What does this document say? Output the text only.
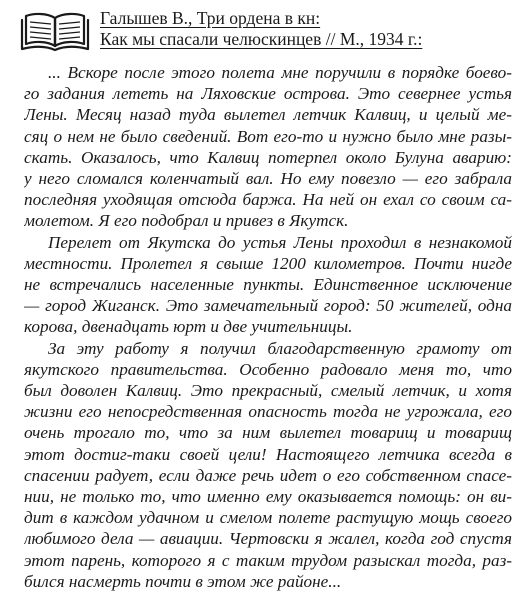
Галышев В., Три ордена в кн:
Как мы спасали челюскинцев // М., 1934 г.:
... Вскоре после этого полета мне поручили в порядке боево-
го задания лететь на Ляховские острова. Это севернее устья
Лены. Месяц назад туда вылетел летчик Калвиц, и целый ме-
сяц о нем не было сведений. Вот его-то и нужно было мне разы-
скать. Оказалось, что Калвиц потерпел около Булуна аварию:
у него сломался коленчатый вал. Но ему повезло — его забрала
последняя уходящая отсюда баржа. На ней он ехал со своим са-
молетом. Я его подобрал и привез в Якутск.
Перелет от Якутска до устья Лены проходил в незнакомой
местности. Пролетел я свыше 1200 километров. Почти нигде
не встречались населенные пункты. Единственное исключение
— город Жиганск. Это замечательный город: 50 жителей, одна
корова, двенадцать юрт и две учительницы.
За эту работу я получил благодарственную грамоту от
якутского правительства. Особенно радовало меня то, что
был доволен Калвиц. Это прекрасный, смелый летчик, и хотя
жизни его непосредственная опасность тогда не угрожала, его
очень трогало то, что за ним вылетел товарищ и товарищ
этот достиг-таки своей цели! Настоящего летчика всегда в
спасении радует, если даже речь идет о его собственном спасе-
нии, не только то, что именно ему оказывается помощь: он ви-
дит в каждом удачном и смелом полете растущую мощь своего
любимого дела — авиации. Чертовски я жалел, когда год спустя
этот парень, которого я с таким трудом разыскал тогда, раз-
бился насмерть почти в этом же районе...
